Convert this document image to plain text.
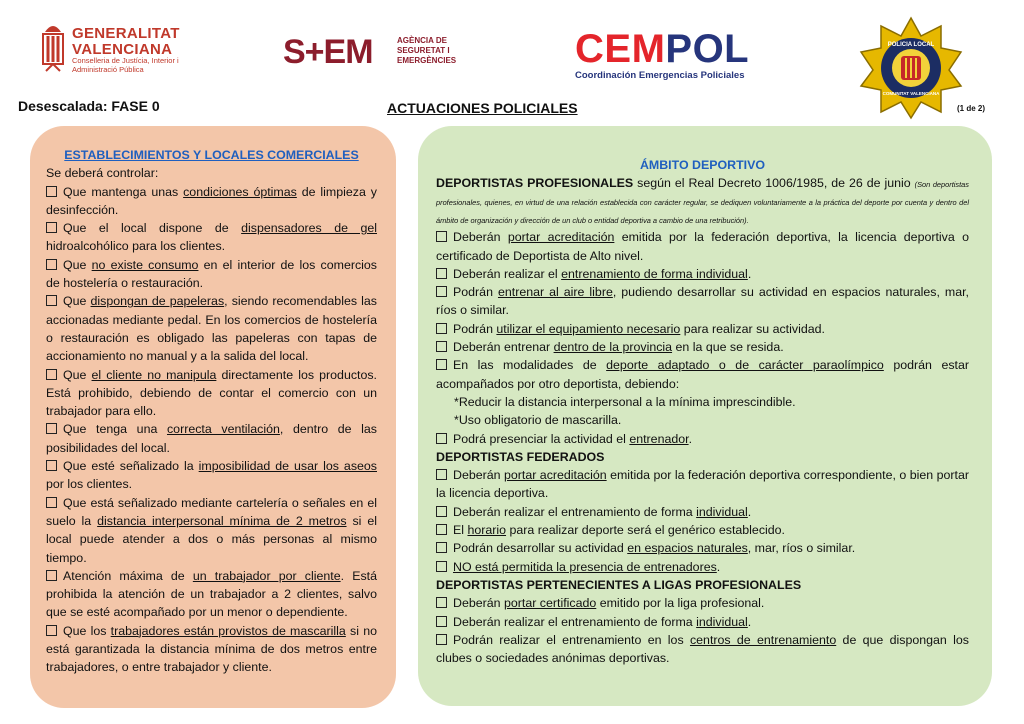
GENERALITAT
VALENCIANA
Conselleria de Justícia, Interior i Administració Pública	S+EM	AGÈNCIA DE SEGURETAT I EMERGÈNCIES	CEMPOL
Coordinación Emergencias Policiales
POLICIA LOCAL
COMUNITAT VALENCIANA
Desescalada: FASE 0	ACTUACIONES POLICIALES	(1 de 2)
ESTABLECIMIENTOS Y LOCALES COMERCIALES
Se deberá controlar:
Que mantenga unas condiciones óptimas de limpieza y desinfección.
Que el local dispone de dispensadores de gel hidroalcohólico para los clientes.
Que no existe consumo en el interior de los comercios de hostelería o restauración.
Que dispongan de papeleras, siendo recomendables las accionadas mediante pedal. En los comercios de hostelería o restauración es obligado las papeleras con tapas de accionamiento no manual y a la salida del local.
Que el cliente no manipula directamente los productos. Está prohibido, debiendo de contar el comercio con un trabajador para ello.
Que tenga una correcta ventilación, dentro de las posibilidades del local.
Que esté señalizado la imposibilidad de usar los aseos por los clientes.
Que está señalizado mediante cartelería o señales en el suelo la distancia interpersonal mínima de 2 metros si el local puede atender a dos o más personas al mismo tiempo.
Atención máxima de un trabajador por cliente. Está prohibida la atención de un trabajador a 2 clientes, salvo que se esté acompañado por un menor o dependiente.
Que los trabajadores están provistos de mascarilla si no está garantizada la distancia mínima de dos metros entre trabajadores, o entre trabajador y cliente.
ÁMBITO DEPORTIVO
DEPORTISTAS PROFESIONALES según el Real Decreto 1006/1985, de 26 de junio (Son deportistas profesionales, quienes, en virtud de una relación establecida con carácter regular, se dediquen voluntariamente a la práctica del deporte por cuenta y dentro del ámbito de organización y dirección de un club o entidad deportiva a cambio de una retribución).
Deberán portar acreditación emitida por la federación deportiva, la licencia deportiva o certificado de Deportista de Alto nivel.
Deberán realizar el entrenamiento de forma individual.
Podrán entrenar al aire libre, pudiendo desarrollar su actividad en espacios naturales, mar, ríos o similar.
Podrán utilizar el equipamiento necesario para realizar su actividad.
Deberán entrenar dentro de la provincia en la que se resida.
En las modalidades de deporte adaptado o de carácter paraolímpico podrán estar acompañados por otro deportista, debiendo:
*Reducir la distancia interpersonal a la mínima imprescindible.
*Uso obligatorio de mascarilla.
Podrá presenciar la actividad el entrenador.
DEPORTISTAS FEDERADOS
Deberán portar acreditación emitida por la federación deportiva correspondiente, o bien portar la licencia deportiva.
Deberán realizar el entrenamiento de forma individual.
El horario para realizar deporte será el genérico establecido.
Podrán desarrollar su actividad en espacios naturales, mar, ríos o similar.
NO está permitida la presencia de entrenadores.
DEPORTISTAS PERTENECIENTES A LIGAS PROFESIONALES
Deberán portar certificado emitido por la liga profesional.
Deberán realizar el entrenamiento de forma individual.
Podrán realizar el entrenamiento en los centros de entrenamiento de que dispongan los clubes o sociedades anónimas deportivas.
